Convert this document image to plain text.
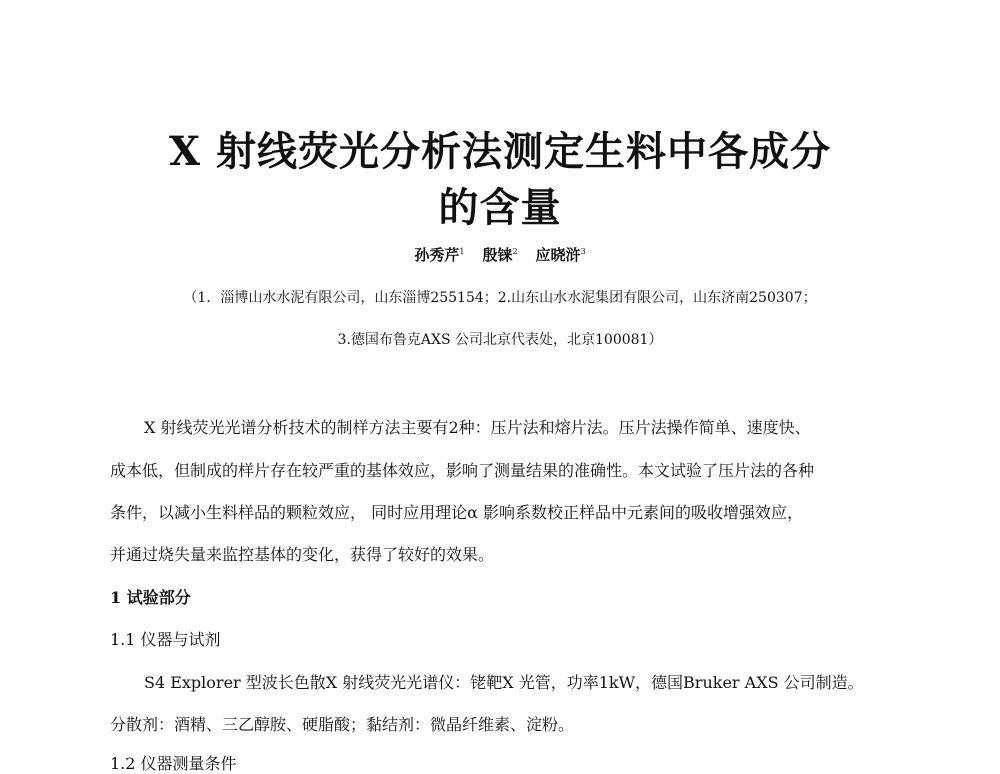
X 射线荧光分析法测定生料中各成分
的含量
孙秀芹$^1$ 殷铼$^2$ 应晓浒$^3$
（1．淄博山水水泥有限公司，山东淄博255154；2.山东山水水泥集团有限公司，山东济南250307；
3.德国布鲁克AXS 公司北京代表处，北京100081）
X 射线荧光光谱分析技术的制样方法主要有2种：压片法和熔片法。压片法操作简单、速度快、
成本低，但制成的样片存在较严重的基体效应，影响了测量结果的准确性。本文试验了压片法的各种
条件，以减小生料样品的颗粒效应， 同时应用理论α 影响系数校正样品中元素间的吸收增强效应，
并通过烧失量来监控基体的变化，获得了较好的效果。
1 试验部分
1.1 仪器与试剂
S4 Explorer 型波长色散X 射线荧光光谱仪：铑靶X 光管，功率1kW，德国Bruker AXS 公司制造。
分散剂：酒精、三乙醇胺、硬脂酸；黏结剂：微晶纤维素、淀粉。
1.2 仪器测量条件
